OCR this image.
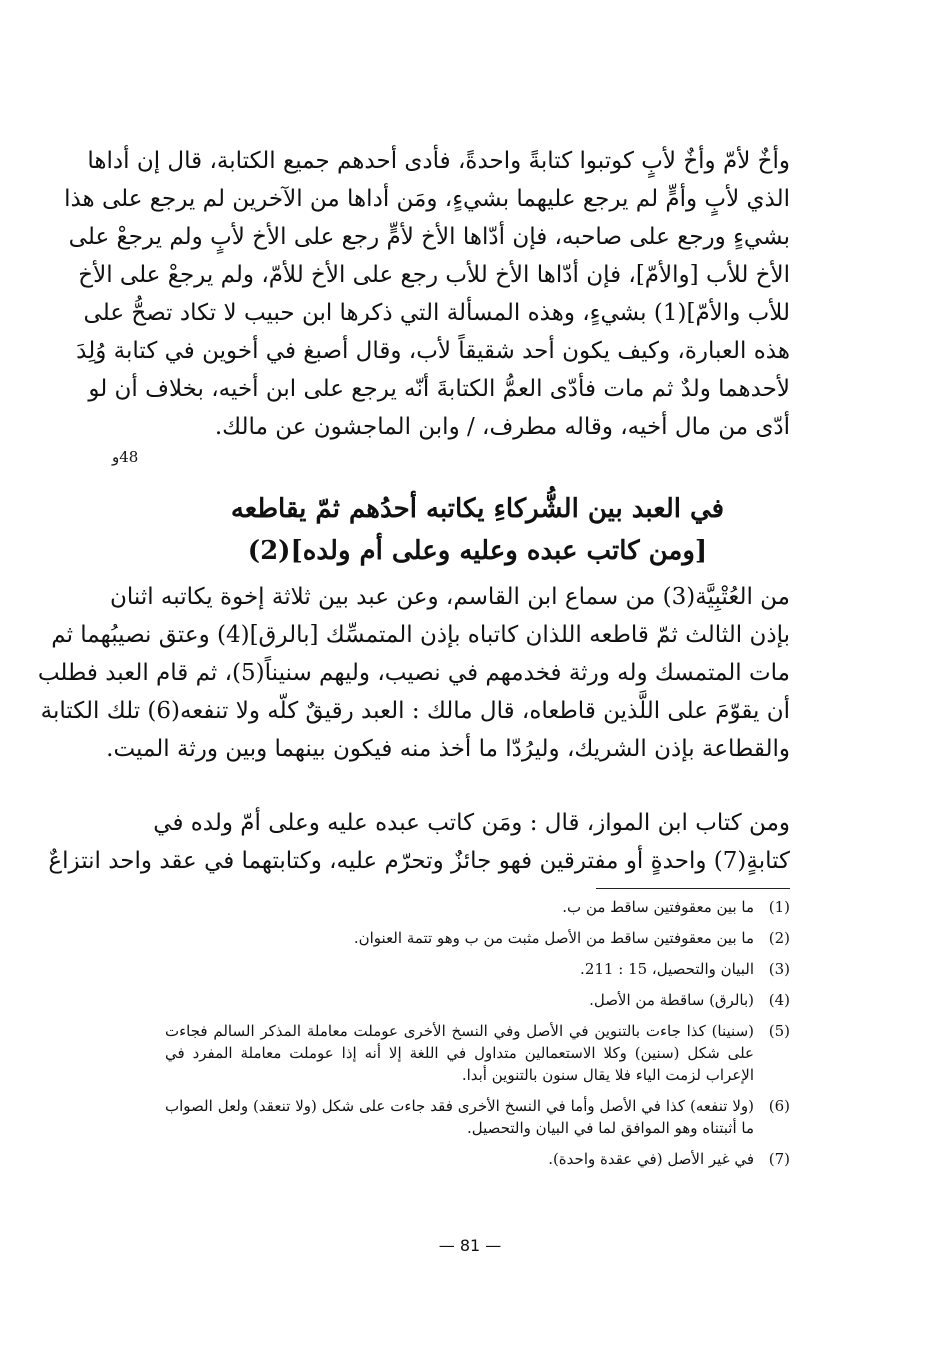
وأخٌ لأمّ وأخٌ لأبٍ كوتبوا كتابةً واحدةً، فأدى أحدهم جميع الكتابة، قال إن أداها
الذي لأبٍ وأمٍّ لم يرجع عليهما بشيءٍ، ومَن أداها من الآخرين لم يرجع على هذا
بشيءٍ ورجع على صاحبه، فإن أدّاها الأخ لأمٍّ رجع على الأخ لأبٍ ولم يرجعْ على
الأخ للأب [والأمّ]، فإن أدّاها الأخ للأب رجع على الأخ للأمّ، ولم يرجعْ على الأخ
للأب والأمّ](1) بشيءٍ، وهذه المسألة التي ذكرها ابن حبيب لا تكاد تصحُّ على
هذه العبارة، وكيف يكون أحد شقيقاً لأب، وقال أصبغ في أخوين في كتابة وُلِدَ
لأحدهما ولدٌ ثم مات فأدّى العمُّ الكتابةَ أنّه يرجع على ابن أخيه، بخلاف أن لو
أدّى من مال أخيه، وقاله مطرف، / وابن الماجشون عن مالك.
48و
في العبد بين الشُّركاءِ يكاتبه أحدُهم ثمّ يقاطعه
[ومن كاتب عبده وعليه وعلى أم ولده](2)
من العُتْبِيَّة(3) من سماع ابن القاسم، وعن عبد بين ثلاثة إخوة يكاتبه اثنان
بإذن الثالث ثمّ قاطعه اللذان كاتباه بإذن المتمسِّك [بالرق](4) وعتق نصيبُهما ثم
مات المتمسك وله ورثة فخدمهم في نصيب، وليهم سنيناً(5)، ثم قام العبد فطلب
أن يقوّمَ على اللَّذين قاطعاه، قال مالك : العبد رقيقٌ كلّه ولا تنفعه(6) تلك الكتابة
والقطاعة بإذن الشريك، وليرُدّا ما أخذ منه فيكون بينهما وبين ورثة الميت.
ومن كتاب ابن المواز، قال : ومَن كاتب عبده عليه وعلى أمّ ولده في
كتابةٍ(7) واحدةٍ أو مفترقين فهو جائزٌ وتحرّم عليه، وكتابتهما في عقد واحد انتزاعٌ
(1)
ما بين معقوفتين ساقط من ب.
(2)
ما بين معقوفتين ساقط من الأصل مثبت من ب وهو تتمة العنوان.
(3)
البيان والتحصيل، 15 : 211.
(4)
(بالرق) ساقطة من الأصل.
(5)
(سنينا) كذا جاءت بالتنوين في الأصل وفي النسخ الأخرى عوملت معاملة المذكر السالم فجاءت على شكل (سنين) وكلا الاستعمالين متداول في اللغة إلا أنه إذا عوملت معاملة المفرد في الإعراب لزمت الياء فلا يقال سنون بالتنوين أبدا.
(6)
(ولا تنفعه) كذا في الأصل وأما في النسخ الأخرى فقد جاءت على شكل (ولا تنعقد) ولعل الصواب ما أثبتناه وهو الموافق لما في البيان والتحصيل.
(7)
في غير الأصل (في عقدة واحدة).
— 81 —
